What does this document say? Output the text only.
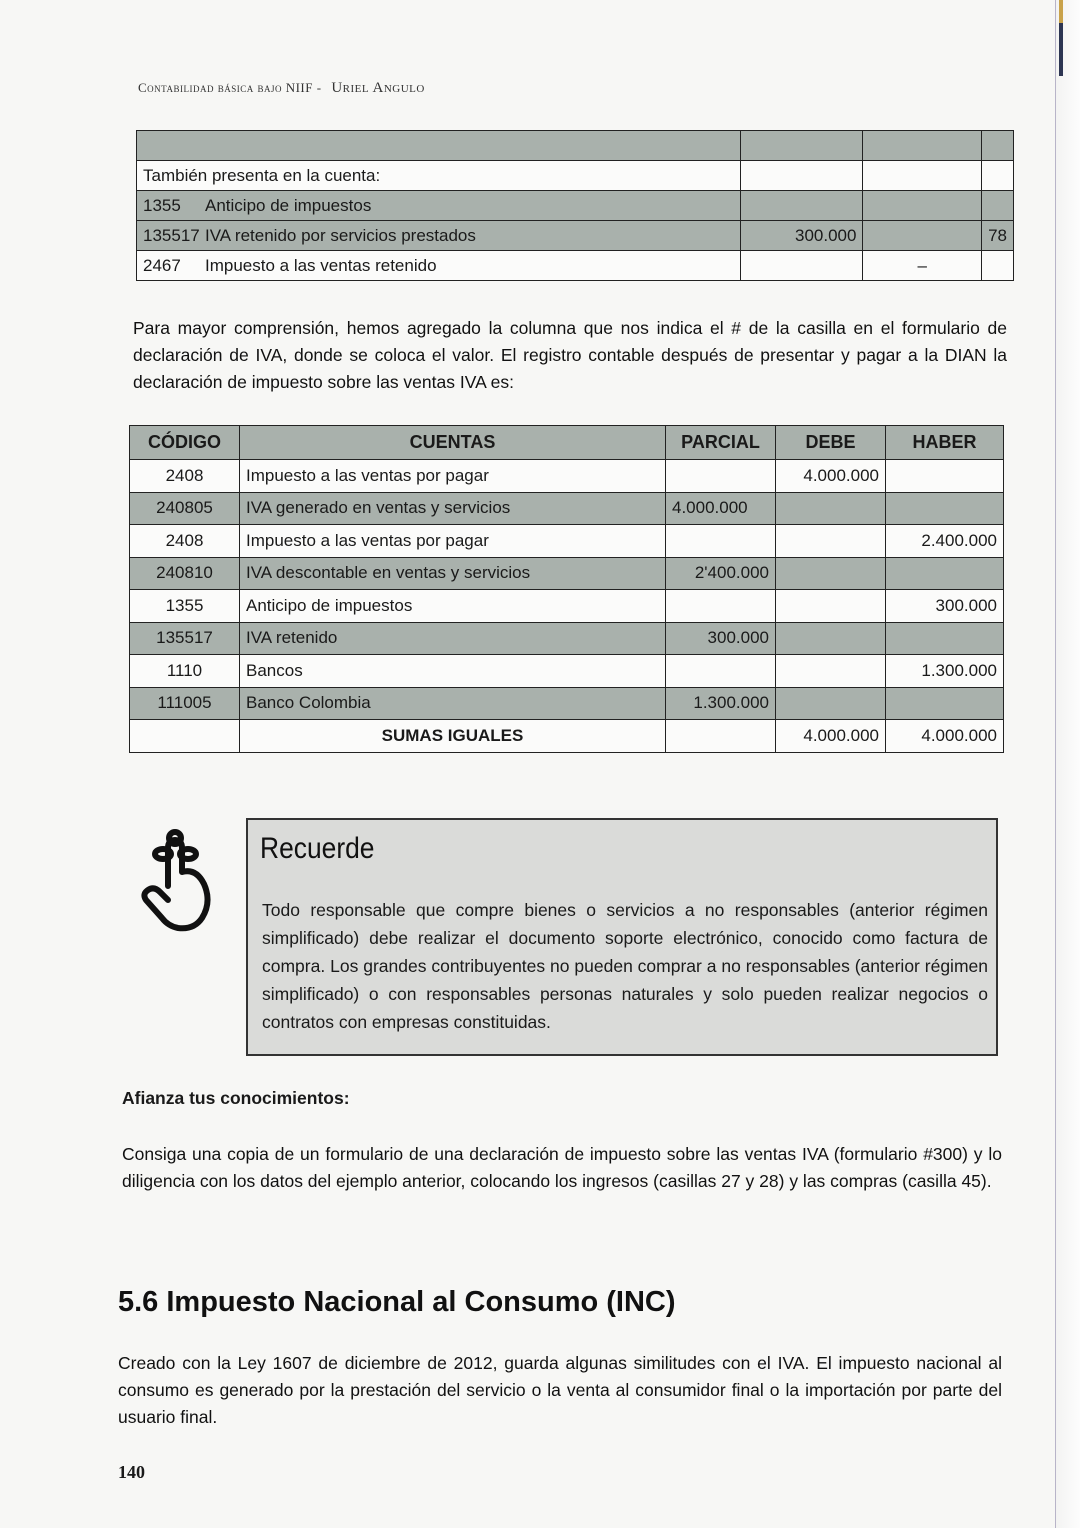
Contabilidad básica bajo NIIF - Uriel Angulo

También presenta en la cuenta:			
1355 Anticipo de impuestos			
135517 IVA retenido por servicios prestados	300.000		78
2467 Impuesto a las ventas retenido		–	

Para mayor comprensión, hemos agregado la columna que nos indica el # de la casilla en el formulario de declaración de IVA, donde se coloca el valor. El registro contable después de presentar y pagar a la DIAN la declaración de impuesto sobre las ventas IVA es:

CÓDIGO	CUENTAS	PARCIAL	DEBE	HABER
2408	Impuesto a las ventas por pagar		4.000.000	
240805	IVA generado en ventas y servicios	4.000.000		
2408	Impuesto a las ventas por pagar			2.400.000
240810	IVA descontable en ventas y servicios	2'400.000		
1355	Anticipo de impuestos			300.000
135517	IVA retenido	300.000		
1110	Bancos			1.300.000
111005	Banco Colombia	1.300.000		
	SUMAS IGUALES		4.000.000	4.000.000
Recuerde
Todo responsable que compre bienes o servicios a no responsables (anterior régimen simplificado) debe realizar el documento soporte electrónico, conocido como factura de compra. Los grandes contribuyentes no pueden comprar a no responsables (anterior régimen simplificado) o con responsables personas naturales y solo pueden realizar negocios o contratos con empresas constituidas.
Afianza tus conocimientos:

Consiga una copia de un formulario de una declaración de impuesto sobre las ventas IVA (formulario #300) y lo diligencia con los datos del ejemplo anterior, colocando los ingresos (casillas 27 y 28) y las compras (casilla 45).

5.6 Impuesto Nacional al Consumo (INC)

Creado con la Ley 1607 de diciembre de 2012, guarda algunas similitudes con el IVA. El impuesto nacional al consumo es generado por la prestación del servicio o la venta al consumidor final o la importación por parte del usuario final.

140
